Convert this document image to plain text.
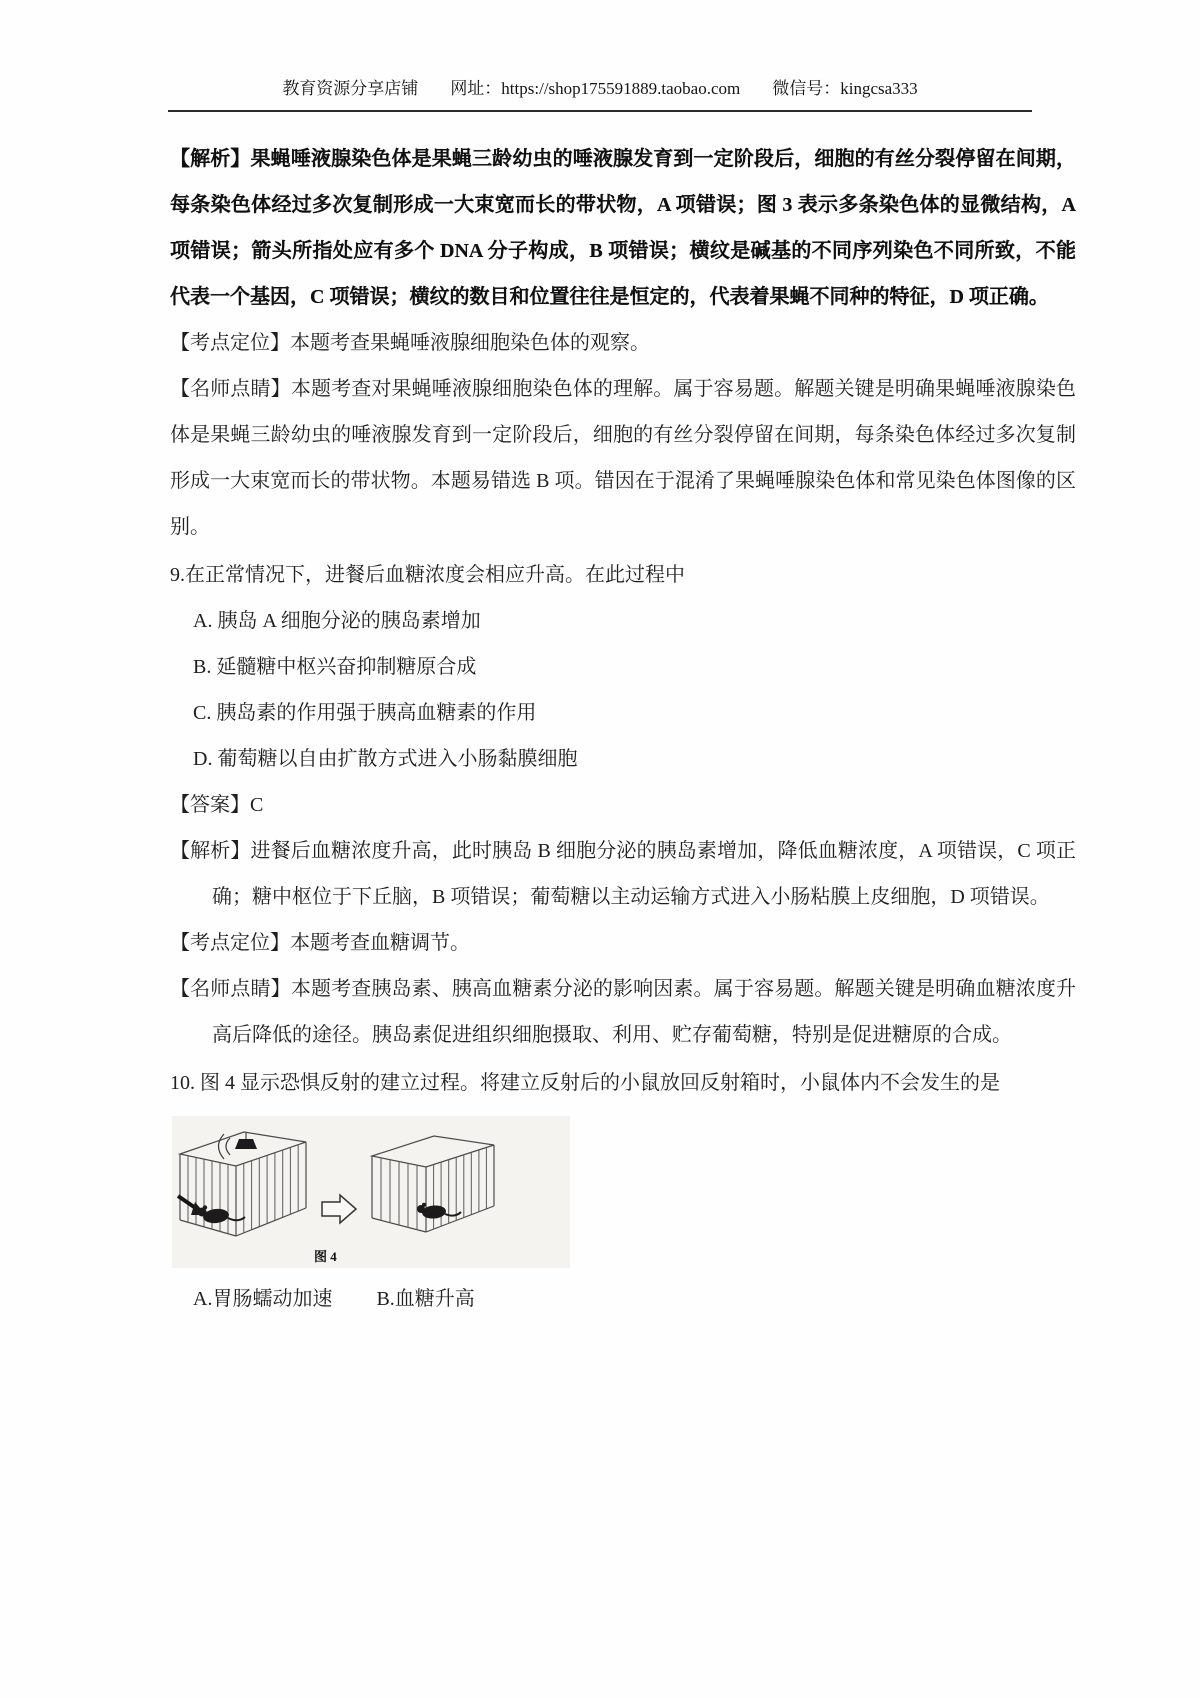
教育资源分享店铺 网址：https://shop175591889.taobao.com 微信号：kingcsa333
【解析】果蝇唾液腺染色体是果蝇三龄幼虫的唾液腺发育到一定阶段后，细胞的有丝分裂停留在间期，每条染色体经过多次复制形成一大束宽而长的带状物，A 项错误；图 3 表示多条染色体的显微结构，A 项错误；箭头所指处应有多个 DNA 分子构成，B 项错误；横纹是碱基的不同序列染色不同所致，不能代表一个基因，C 项错误；横纹的数目和位置往往是恒定的，代表着果蝇不同种的特征，D 项正确。
【考点定位】本题考查果蝇唾液腺细胞染色体的观察。
【名师点睛】本题考查对果蝇唾液腺细胞染色体的理解。属于容易题。解题关键是明确果蝇唾液腺染色体是果蝇三龄幼虫的唾液腺发育到一定阶段后，细胞的有丝分裂停留在间期，每条染色体经过多次复制形成一大束宽而长的带状物。本题易错选 B 项。错因在于混淆了果蝇唾腺染色体和常见染色体图像的区别。
9.在正常情况下，进餐后血糖浓度会相应升高。在此过程中
A. 胰岛 A 细胞分泌的胰岛素增加
B. 延髓糖中枢兴奋抑制糖原合成
C. 胰岛素的作用强于胰高血糖素的作用
D. 葡萄糖以自由扩散方式进入小肠黏膜细胞
【答案】C
【解析】进餐后血糖浓度升高，此时胰岛 B 细胞分泌的胰岛素增加，降低血糖浓度，A 项错误，C 项正确；糖中枢位于下丘脑，B 项错误；葡萄糖以主动运输方式进入小肠粘膜上皮细胞，D 项错误。
【考点定位】本题考查血糖调节。
【名师点睛】本题考查胰岛素、胰高血糖素分泌的影响因素。属于容易题。解题关键是明确血糖浓度升高后降低的途径。胰岛素促进组织细胞摄取、利用、贮存葡萄糖，特别是促进糖原的合成。
10. 图 4 显示恐惧反射的建立过程。将建立反射后的小鼠放回反射箱时，小鼠体内不会发生的是
图 4
A.胃肠蠕动加速 B.血糖升高
